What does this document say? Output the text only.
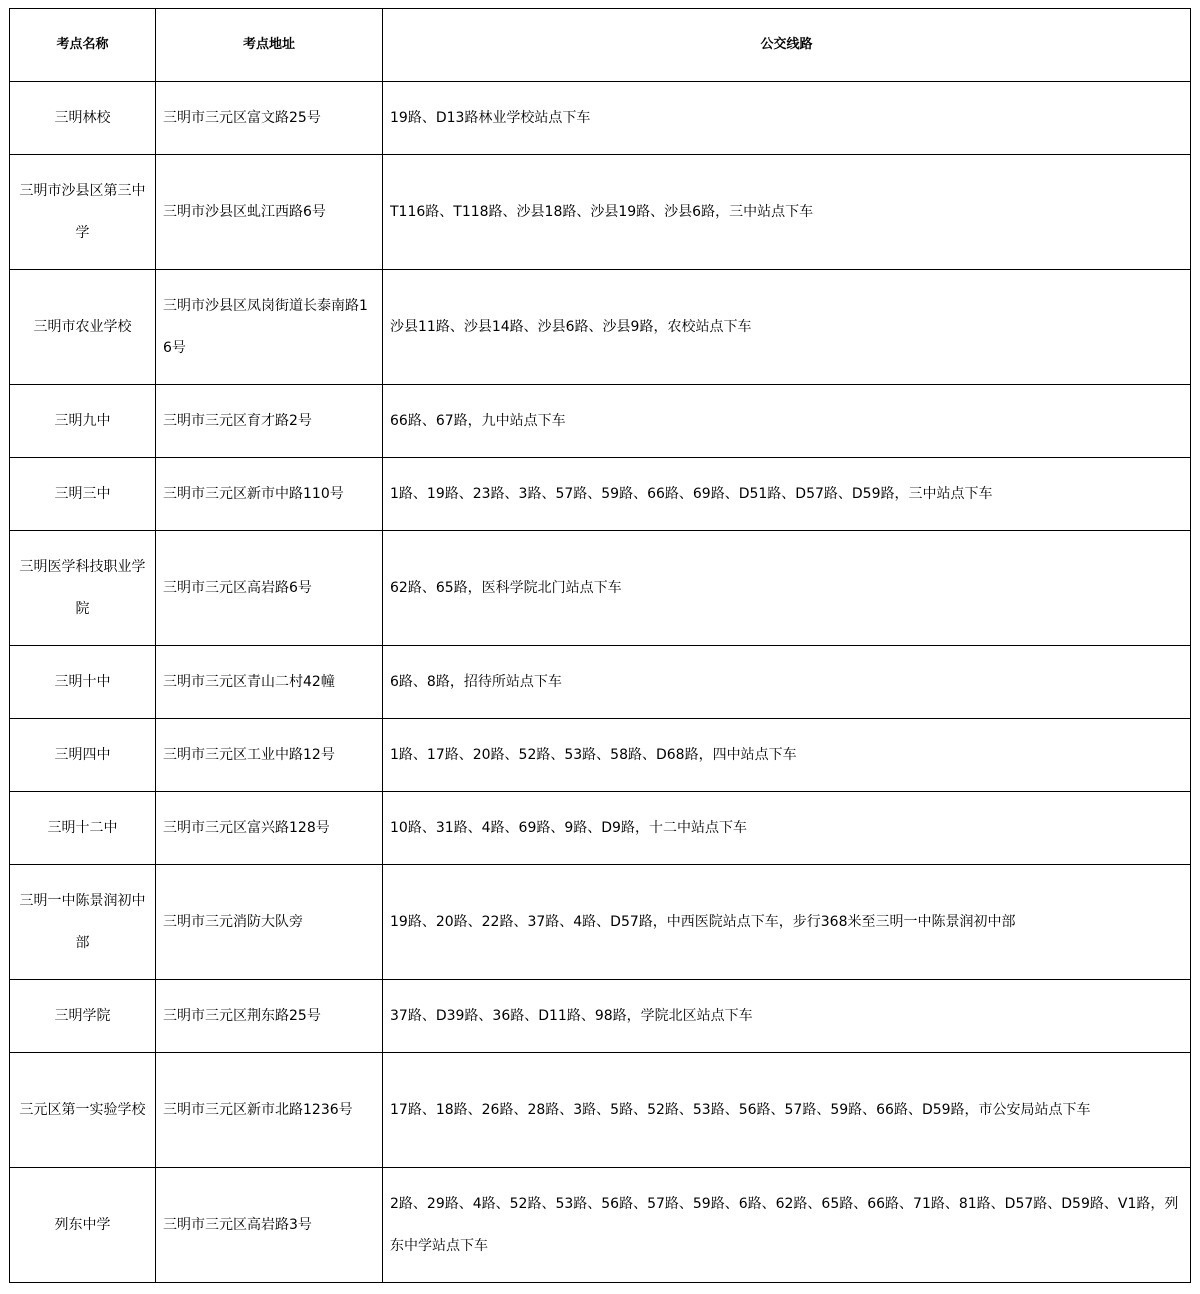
考点名称	考点地址	公交线路
三明林校	三明市三元区富文路25号	19路、D13路林业学校站点下车
三明市沙县区第三中学	三明市沙县区虬江西路6号	T116路、T118路、沙县18路、沙县19路、沙县6路，三中站点下车
三明市农业学校	三明市沙县区凤岗街道长泰南路16号	沙县11路、沙县14路、沙县6路、沙县9路，农校站点下车
三明九中	三明市三元区育才路2号	66路、67路，九中站点下车
三明三中	三明市三元区新市中路110号	1路、19路、23路、3路、57路、59路、66路、69路、D51路、D57路、D59路，三中站点下车
三明医学科技职业学院	三明市三元区高岩路6号	62路、65路，医科学院北门站点下车
三明十中	三明市三元区青山二村42幢	6路、8路，招待所站点下车
三明四中	三明市三元区工业中路12号	1路、17路、20路、52路、53路、58路、D68路，四中站点下车
三明十二中	三明市三元区富兴路128号	10路、31路、4路、69路、9路、D9路，十二中站点下车
三明一中陈景润初中部	三明市三元消防大队旁	19路、20路、22路、37路、4路、D57路，中西医院站点下车，步行368米至三明一中陈景润初中部
三明学院	三明市三元区荆东路25号	37路、D39路、36路、D11路、98路，学院北区站点下车
三元区第一实验学校	三明市三元区新市北路1236号	17路、18路、26路、28路、3路、5路、52路、53路、56路、57路、59路、66路、D59路，市公安局站点下车
列东中学	三明市三元区高岩路3号	2路、29路、4路、52路、53路、56路、57路、59路、6路、62路、65路、66路、71路、81路、D57路、D59路、V1路，列东中学站点下车
